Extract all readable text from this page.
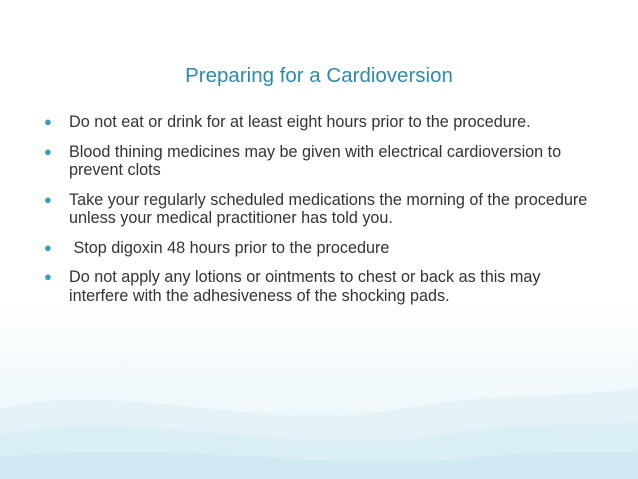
Preparing for a Cardioversion
●
Do not eat or drink for at least eight hours prior to the procedure.
●
Blood thining medicines may be given with electrical cardioversion to prevent clots
●
Take your regularly scheduled medications the morning of the procedure unless your medical practitioner has told you.
●
Stop digoxin 48 hours prior to the procedure
●
Do not apply any lotions or ointments to chest or back as this may interfere with the adhesiveness of the shocking pads.
